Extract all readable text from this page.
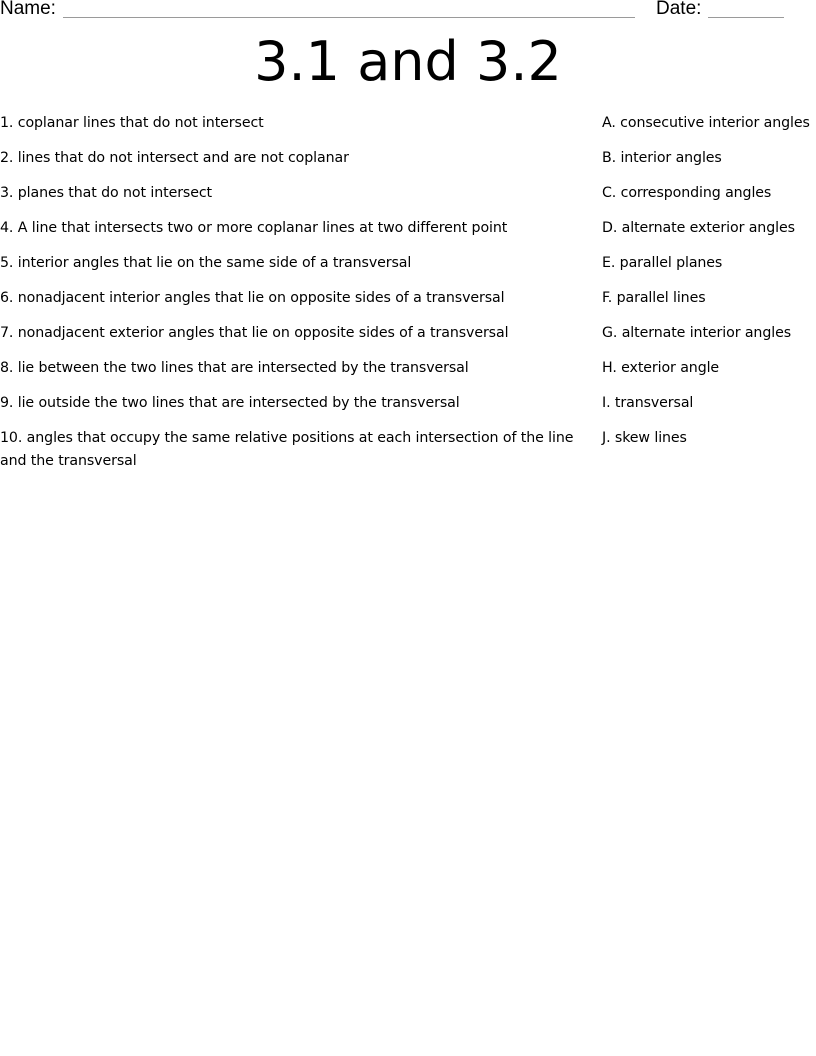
Name:	Date:
3.1 and 3.2
1. coplanar lines that do not intersect
2. lines that do not intersect and are not coplanar
3. planes that do not intersect
4. A line that intersects two or more coplanar lines at two different point
5. interior angles that lie on the same side of a transversal
6. nonadjacent interior angles that lie on opposite sides of a transversal
7. nonadjacent exterior angles that lie on opposite sides of a transversal
8. lie between the two lines that are intersected by the transversal
9. lie outside the two lines that are intersected by the transversal
10. angles that occupy the same relative positions at each intersection of the line and the transversal
A. consecutive interior angles
B. interior angles
C. corresponding angles
D. alternate exterior angles
E. parallel planes
F. parallel lines
G. alternate interior angles
H. exterior angle
I. transversal
J. skew lines
